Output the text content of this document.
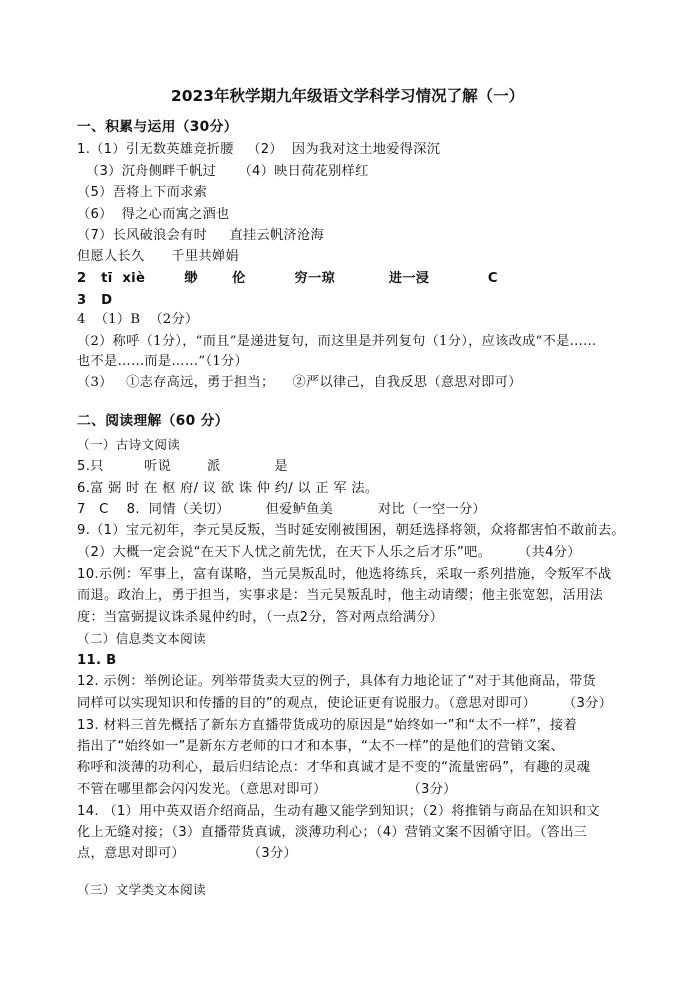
2023年秋学期九年级语文学科学习情况了解（一）
一、积累与运用（30分）
1.（1）引无数英雄竞折腰   （2）  因为我对这土地爱得深沉
（3）沉舟侧畔千帆过     （4）映日荷花别样红
（5）吾将上下而求索
（6）  得之心而寓之酒也
（7）长风破浪会有时     直挂云帆济沧海
但愿人长久      千里共婵娟
2   tī  xiè        缈       伦          穷一琼           进一浸            C
3   D
4  （1）B  （2分）
（2）称呼（1分），“而且”是递进复句，而这里是并列复句（1分），应该改成“不是……
也不是……而是……”（1分）
（3）   ①志存高远，勇于担当；    ②严以律己，自我反思（意思对即可）
二、阅读理解（60 分）
（一）古诗文阅读
5.只         听说        派            是
6.富 弼 时 在 枢 府/ 议 欲 诛 仲 约/ 以 正 军 法。
7   C    8.  同情（关切）        但爱鲈鱼美          对比（一空一分）
9.（1）宝元初年，李元昊反叛，当时延安刚被围困，朝廷选择将领，众将都害怕不敢前去。
（2）大概一定会说“在天下人忧之前先忧，在天下人乐之后才乐”吧。      （共4分）
10.示例：军事上，富有谋略，当元昊叛乱时，他选将练兵，采取一系列措施，令叛军不战
而退。政治上，勇于担当，实事求是：当元昊叛乱时，他主动请缨；他主张宽恕，活用法
度：当富弼提议诛杀晁仲约时，（一点2分，答对两点给满分）
（二）信息类文本阅读
11. B
12. 示例：举例论证。列举带货卖大豆的例子，具体有力地论证了“对于其他商品，带货
同样可以实现知识和传播的目的”的观点，使论证更有说服力。（意思对即可）      （3分）
13. 材料三首先概括了新东方直播带货成功的原因是“始终如一”和“太不一样”，接着
指出了“始终如一”是新东方老师的口才和本事，“太不一样”的是他们的营销文案、
称呼和淡薄的功利心，最后归结论点：才华和真诚才是不变的“流量密码”，有趣的灵魂
不管在哪里都会闪闪发光。（意思对即可）                  （3分）
14. （1）用中英双语介绍商品，生动有趣又能学到知识；（2）将推销与商品在知识和文
化上无缝对接；（3）直播带货真诚，淡薄功利心；（4）营销文案不因循守旧。（答出三
点，意思对即可）              （3分）
（三）文学类文本阅读
